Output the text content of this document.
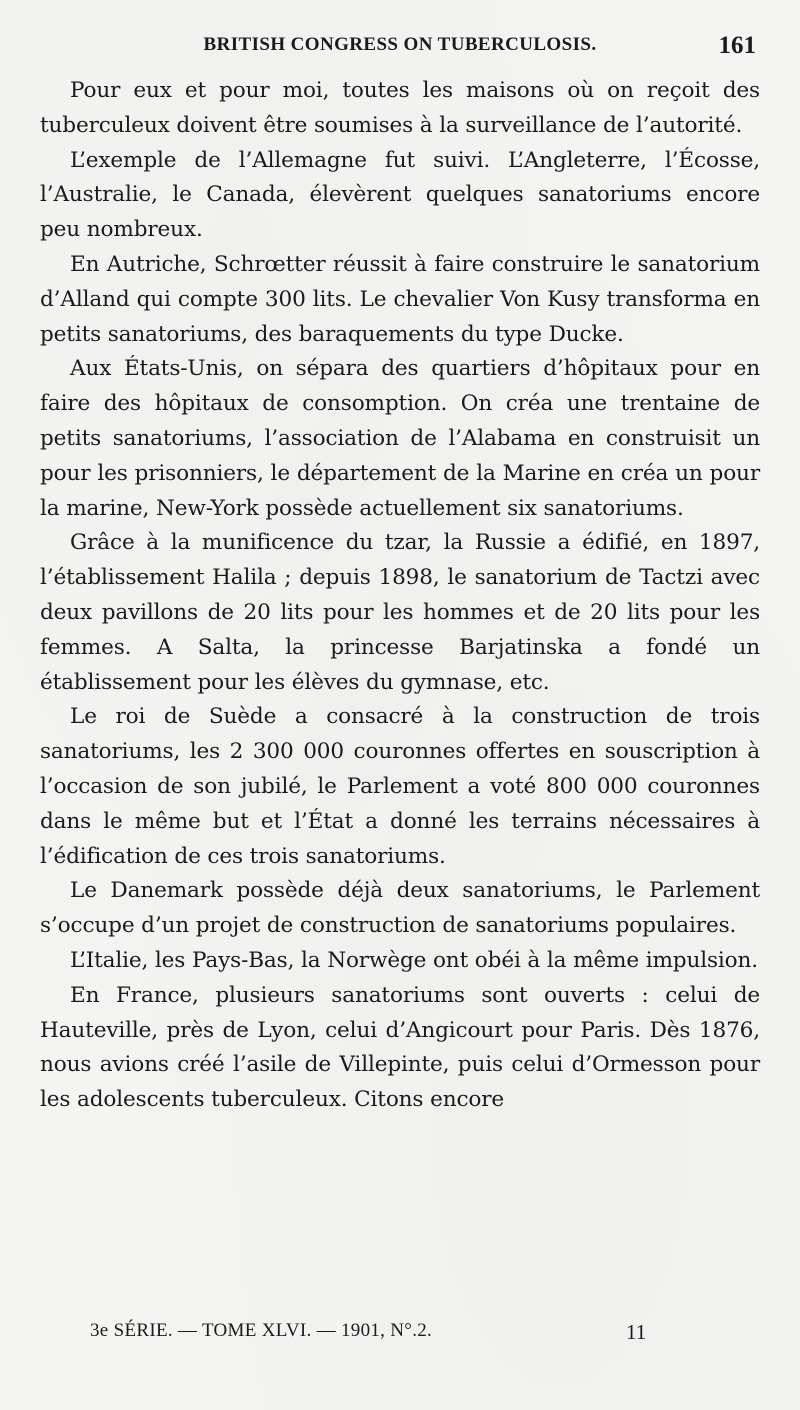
BRITISH CONGRESS ON TUBERCULOSIS.	161

Pour eux et pour moi, toutes les maisons où on reçoit des tuberculeux doivent être soumises à la surveillance de l’autorité.

L’exemple de l’Allemagne fut suivi. L’Angleterre, l’Écosse, l’Australie, le Canada, élevèrent quelques sanatoriums encore peu nombreux.

En Autriche, Schrœtter réussit à faire construire le sanatorium d’Alland qui compte 300 lits. Le chevalier Von Kusy transforma en petits sanatoriums, des baraquements du type Ducke.

Aux États-Unis, on sépara des quartiers d’hôpitaux pour en faire des hôpitaux de consomption. On créa une trentaine de petits sanatoriums, l’association de l’Alabama en construisit un pour les prisonniers, le département de la Marine en créa un pour la marine, New-York possède actuellement six sanatoriums.

Grâce à la munificence du tzar, la Russie a édifié, en 1897, l’établissement Halila ; depuis 1898, le sanatorium de Tactzi avec deux pavillons de 20 lits pour les hommes et de 20 lits pour les femmes. A Salta, la princesse Barjatinska a fondé un établissement pour les élèves du gymnase, etc.

Le roi de Suède a consacré à la construction de trois sanatoriums, les 2 300 000 couronnes offertes en souscription à l’occasion de son jubilé, le Parlement a voté 800 000 couronnes dans le même but et l’État a donné les terrains nécessaires à l’édification de ces trois sanatoriums.

Le Danemark possède déjà deux sanatoriums, le Parlement s’occupe d’un projet de construction de sanatoriums populaires.

L’Italie, les Pays-Bas, la Norwège ont obéi à la même impulsion.

En France, plusieurs sanatoriums sont ouverts : celui de Hauteville, près de Lyon, celui d’Angicourt pour Paris. Dès 1876, nous avions créé l’asile de Villepinte, puis celui d’Ormesson pour les adolescents tuberculeux. Citons encore

3e SÉRIE. — TOME XLVI. — 1901, N°.2.	11
